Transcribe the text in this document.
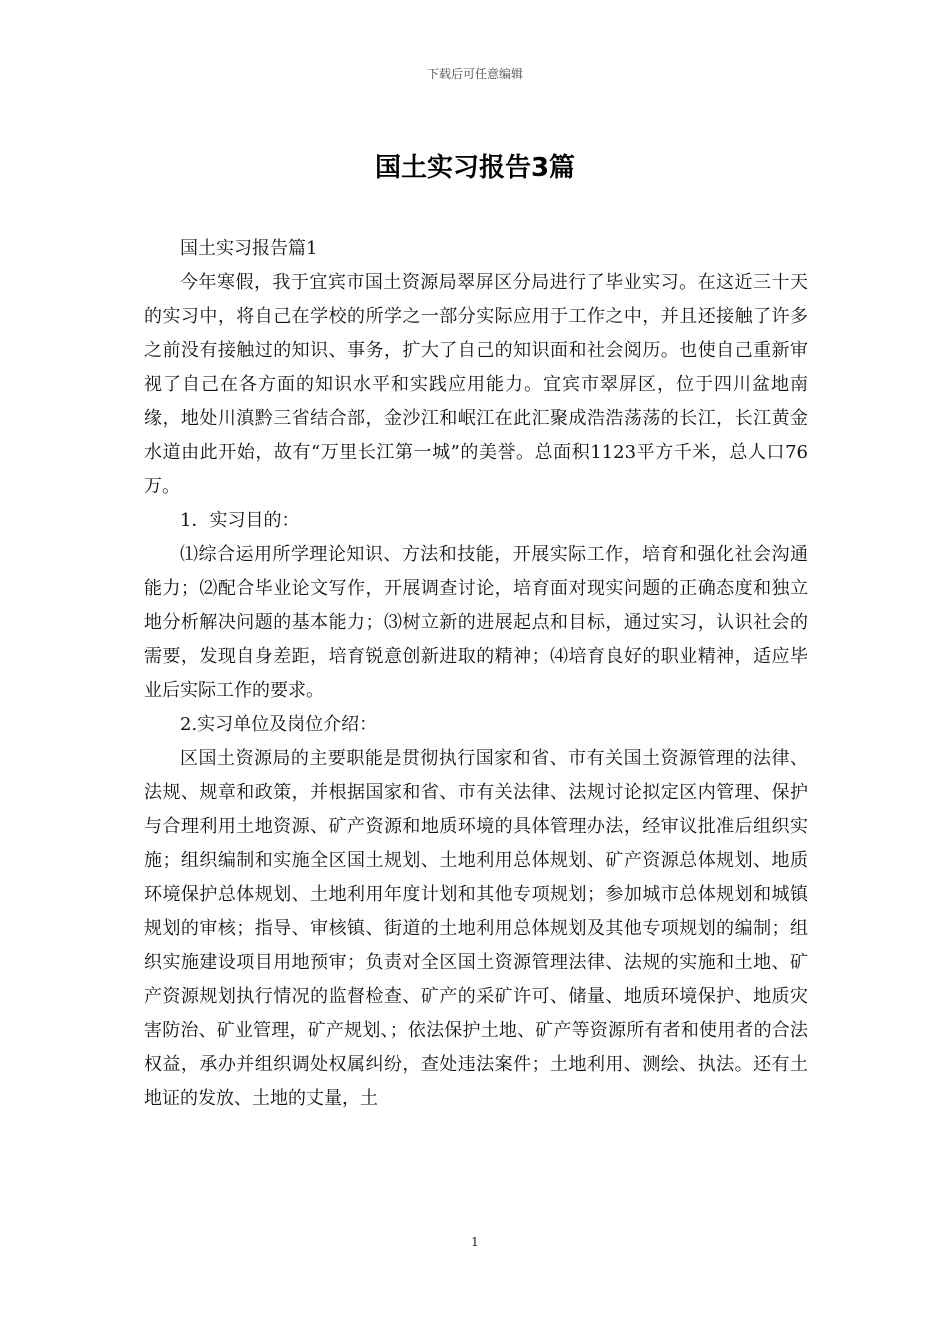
下载后可任意编辑
国土实习报告3篇

国土实习报告篇1

今年寒假，我于宜宾市国土资源局翠屏区分局进行了毕业实习。在这近三十天的实习中，将自己在学校的所学之一部分实际应用于工作之中，并且还接触了许多之前没有接触过的知识、事务，扩大了自己的知识面和社会阅历。也使自己重新审视了自己在各方面的知识水平和实践应用能力。宜宾市翠屏区，位于四川盆地南缘，地处川滇黔三省结合部，金沙江和岷江在此汇聚成浩浩荡荡的长江，长江黄金水道由此开始，故有“万里长江第一城”的美誉。总面积1123平方千米，总人口76万。

1．实习目的：

⑴综合运用所学理论知识、方法和技能，开展实际工作，培育和强化社会沟通能力；⑵配合毕业论文写作，开展调查讨论，培育面对现实问题的正确态度和独立地分析解决问题的基本能力；⑶树立新的进展起点和目标，通过实习，认识社会的需要，发现自身差距，培育锐意创新进取的精神；⑷培育良好的职业精神，适应毕业后实际工作的要求。

2.实习单位及岗位介绍：

区国土资源局的主要职能是贯彻执行国家和省、市有关国土资源管理的法律、法规、规章和政策，并根据国家和省、市有关法律、法规讨论拟定区内管理、保护与合理利用土地资源、矿产资源和地质环境的具体管理办法，经审议批准后组织实施；组织编制和实施全区国土规划、土地利用总体规划、矿产资源总体规划、地质环境保护总体规划、土地利用年度计划和其他专项规划；参加城市总体规划和城镇规划的审核；指导、审核镇、街道的土地利用总体规划及其他专项规划的编制；组织实施建设项目用地预审；负责对全区国土资源管理法律、法规的实施和土地、矿产资源规划执行情况的监督检查、矿产的采矿许可、储量、地质环境保护、地质灾害防治、矿业管理，矿产规划、；依法保护土地、矿产等资源所有者和使用者的合法权益，承办并组织调处权属纠纷，查处违法案件；土地利用、测绘、执法。还有土地证的发放、土地的丈量，土

1
